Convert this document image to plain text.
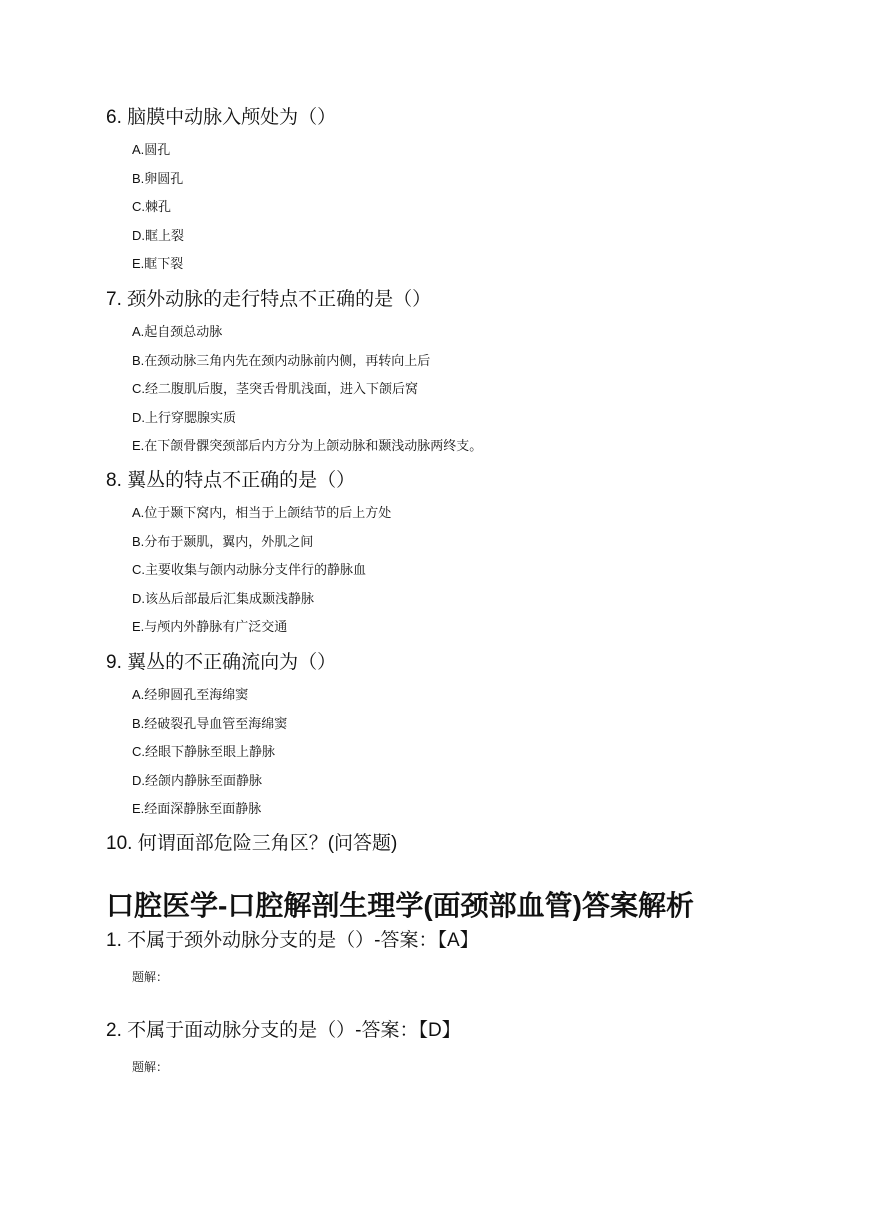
6. 脑膜中动脉入颅处为（）
A.圆孔
B.卵圆孔
C.棘孔
D.眶上裂
E.眶下裂
7. 颈外动脉的走行特点不正确的是（）
A.起自颈总动脉
B.在颈动脉三角内先在颈内动脉前内侧，再转向上后
C.经二腹肌后腹，茎突舌骨肌浅面，进入下颌后窝
D.上行穿腮腺实质
E.在下颌骨髁突颈部后内方分为上颌动脉和颞浅动脉两终支。
8. 翼丛的特点不正确的是（）
A.位于颞下窝内，相当于上颌结节的后上方处
B.分布于颞肌，翼内，外肌之间
C.主要收集与颌内动脉分支伴行的静脉血
D.该丛后部最后汇集成颞浅静脉
E.与颅内外静脉有广泛交通
9. 翼丛的不正确流向为（）
A.经卵圆孔至海绵窦
B.经破裂孔导血管至海绵窦
C.经眼下静脉至眼上静脉
D.经颌内静脉至面静脉
E.经面深静脉至面静脉
10. 何谓面部危险三角区？(问答题)
口腔医学-口腔解剖生理学(面颈部血管)答案解析
1. 不属于颈外动脉分支的是（）-答案：【A】
题解：
2. 不属于面动脉分支的是（）-答案：【D】
题解：
